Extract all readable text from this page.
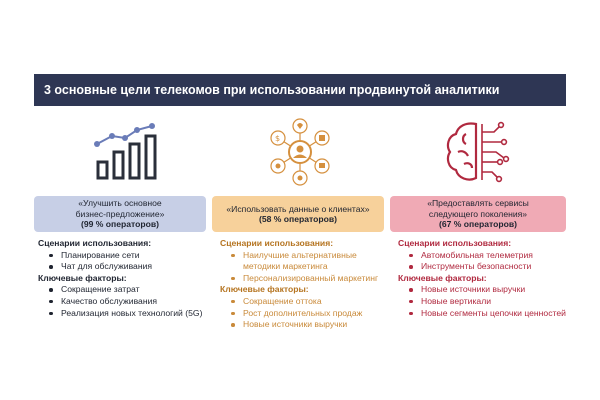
3 основные цели телекомов при использовании продвинутой аналитики
$
«Улучшить основное
бизнес-предложение»
(99 % операторов)
«Использовать данные о клиентах»
(58 % операторов)
«Предоставлять сервисы
следующего поколения»
(67 % операторов)
Сценарии использования:
Планирование сети
Чат для обслуживания
Ключевые факторы:
Сокращение затрат
Качество обслуживания
Реализация новых технологий (5G)
Сценарии использования:
Наилучшие альтернативные методики маркетинга
Персонализированный маркетинг
Ключевые факторы:
Сокращение оттока
Рост дополнительных продаж
Новые источники выручки
Сценарии использования:
Автомобильная телеметрия
Инструменты безопасности
Ключевые факторы:
Новые источники выручки
Новые вертикали
Новые сегменты цепочки ценностей
